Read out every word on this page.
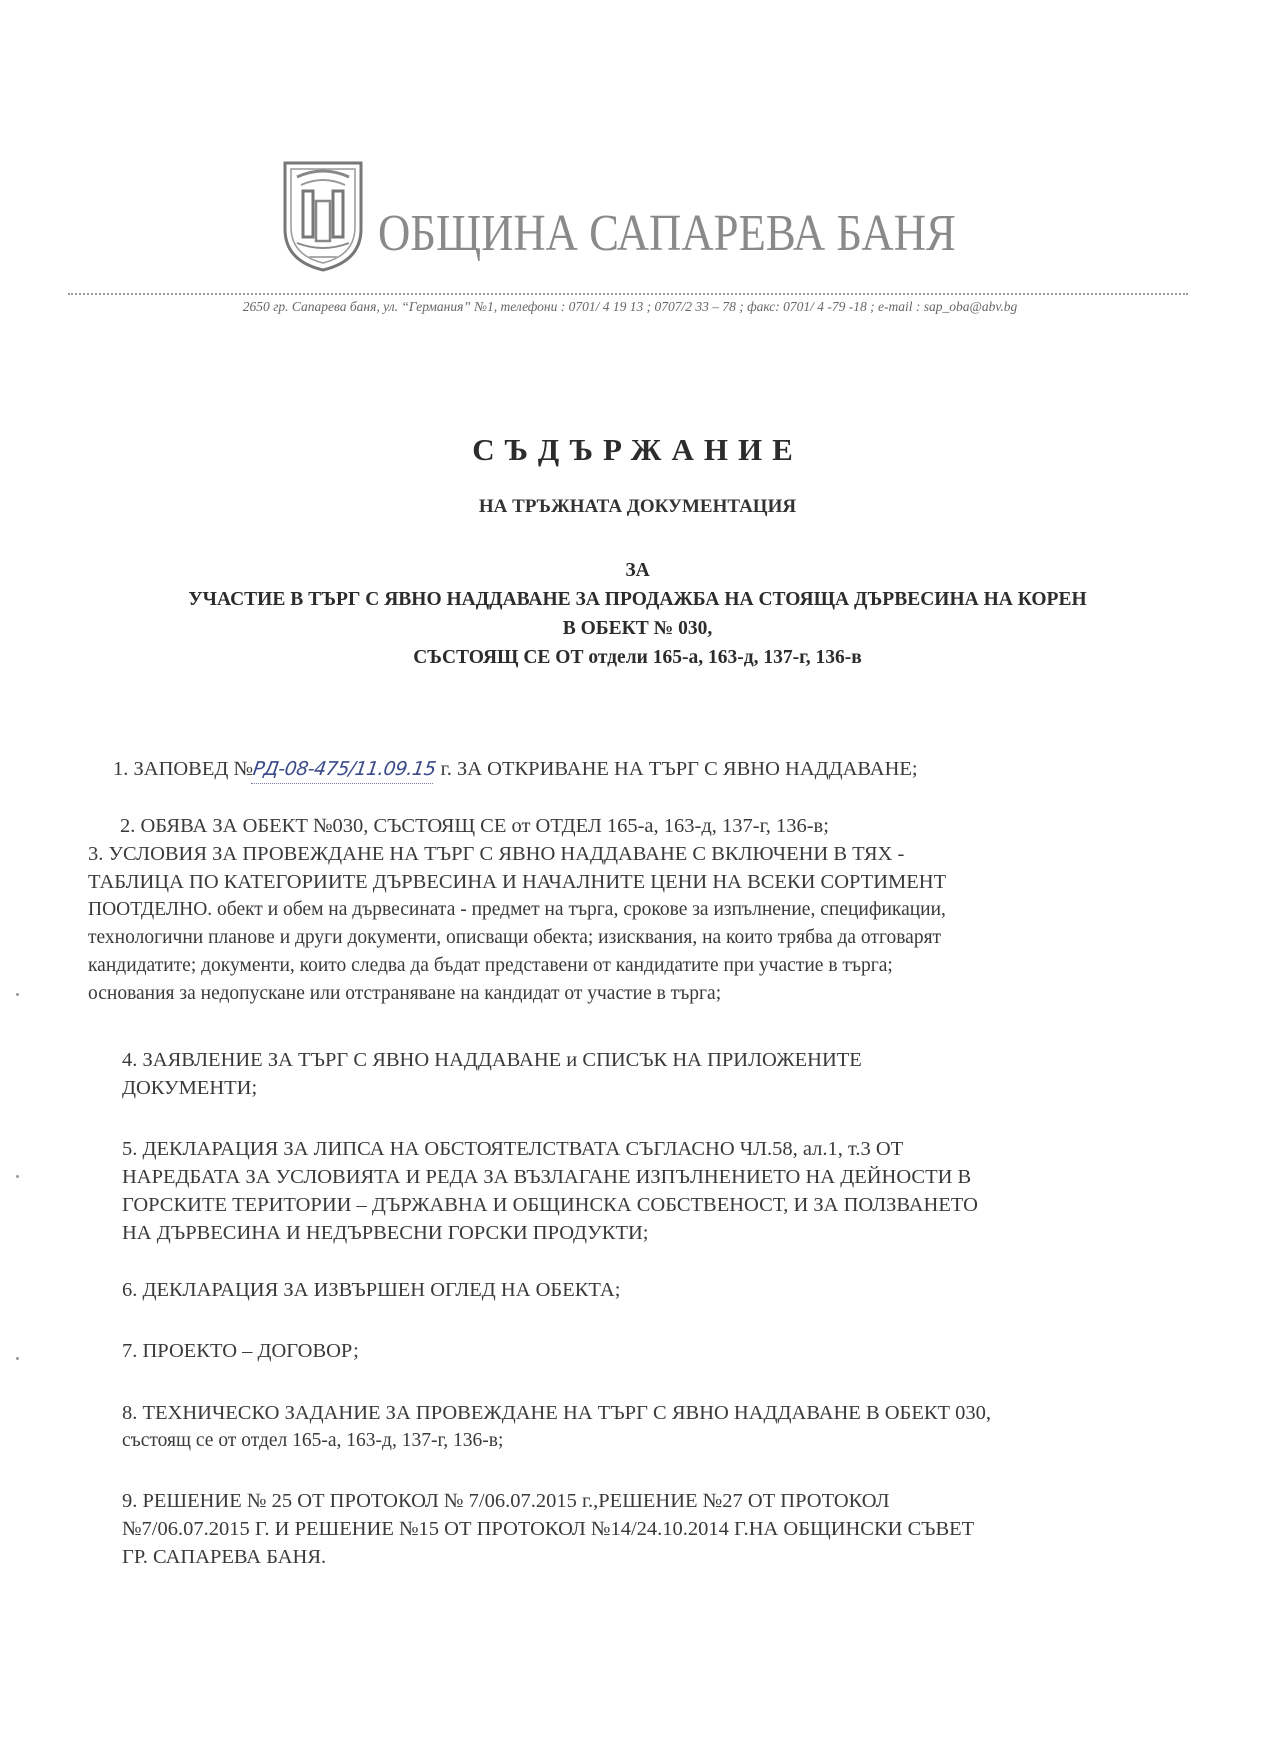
ОБЩИНА САПАРЕВА БАНЯ
2650 гр. Сапарева баня, ул. “Германия” №1, телефони : 0701/ 4 19 13 ; 0707/2 33 – 78 ; факс: 0701/ 4 -79 -18 ; e-mail : sap_oba@abv.bg
СЪДЪРЖАНИЕ
НА ТРЪЖНАТА ДОКУМЕНТАЦИЯ
ЗА
УЧАСТИЕ В ТЪРГ С ЯВНО НАДДАВАНЕ ЗА ПРОДАЖБА НА СТОЯЩА ДЪРВЕСИНА НА КОРЕН
В ОБЕКТ № 030,
СЪСТОЯЩ СЕ ОТ отдели 165-а, 163-д, 137-г, 136-в
1. ЗАПОВЕД №РД-08-475/11.09.15 г. ЗА ОТКРИВАНЕ НА ТЪРГ С ЯВНО НАДДАВАНЕ;
2. ОБЯВА ЗА ОБЕКТ №030, СЪСТОЯЩ СЕ от ОТДЕЛ 165-а, 163-д, 137-г, 136-в;
3. УСЛОВИЯ ЗА ПРОВЕЖДАНЕ НА ТЪРГ С ЯВНО НАДДАВАНЕ С ВКЛЮЧЕНИ В ТЯХ -
ТАБЛИЦА ПО КАТЕГОРИИТЕ ДЪРВЕСИНА И НАЧАЛНИТЕ ЦЕНИ НА ВСЕКИ СОРТИМЕНТ
ПООТДЕЛНО. обект и обем на дървесината - предмет на търга, срокове за изпълнение, спецификации,
технологични планове и други документи, описващи обекта; изисквания, на които трябва да отговарят
кандидатите; документи, които следва да бъдат представени от кандидатите при участие в търга;
основания за недопускане или отстраняване на кандидат от участие в търга;
4. ЗАЯВЛЕНИЕ ЗА ТЪРГ С ЯВНО НАДДАВАНЕ и СПИСЪК НА ПРИЛОЖЕНИТЕ
ДОКУМЕНТИ;
5. ДЕКЛАРАЦИЯ ЗА ЛИПСА НА ОБСТОЯТЕЛСТВАТА СЪГЛАСНО ЧЛ.58, ал.1, т.3 ОТ
НАРЕДБАТА ЗА УСЛОВИЯТА И РЕДА ЗА ВЪЗЛАГАНЕ ИЗПЪЛНЕНИЕТО НА ДЕЙНОСТИ В
ГОРСКИТЕ ТЕРИТОРИИ – ДЪРЖАВНА И ОБЩИНСКА СОБСТВЕНОСТ, И ЗА ПОЛЗВАНЕТО
НА ДЪРВЕСИНА И НЕДЪРВЕСНИ ГОРСКИ ПРОДУКТИ;
6. ДЕКЛАРАЦИЯ ЗА ИЗВЪРШЕН ОГЛЕД НА ОБЕКТА;
7. ПРОЕКТО – ДОГОВОР;
8. ТЕХНИЧЕСКО ЗАДАНИЕ ЗА ПРОВЕЖДАНЕ НА ТЪРГ С ЯВНО НАДДАВАНЕ В ОБЕКТ 030,
състоящ се от отдел 165-а, 163-д, 137-г, 136-в;
9. РЕШЕНИЕ № 25 ОТ ПРОТОКОЛ № 7/06.07.2015 г.,РЕШЕНИЕ №27 ОТ ПРОТОКОЛ
№7/06.07.2015 Г. И РЕШЕНИЕ №15 ОТ ПРОТОКОЛ №14/24.10.2014 Г.НА ОБЩИНСКИ СЪВЕТ
ГР. САПАРЕВА БАНЯ.
